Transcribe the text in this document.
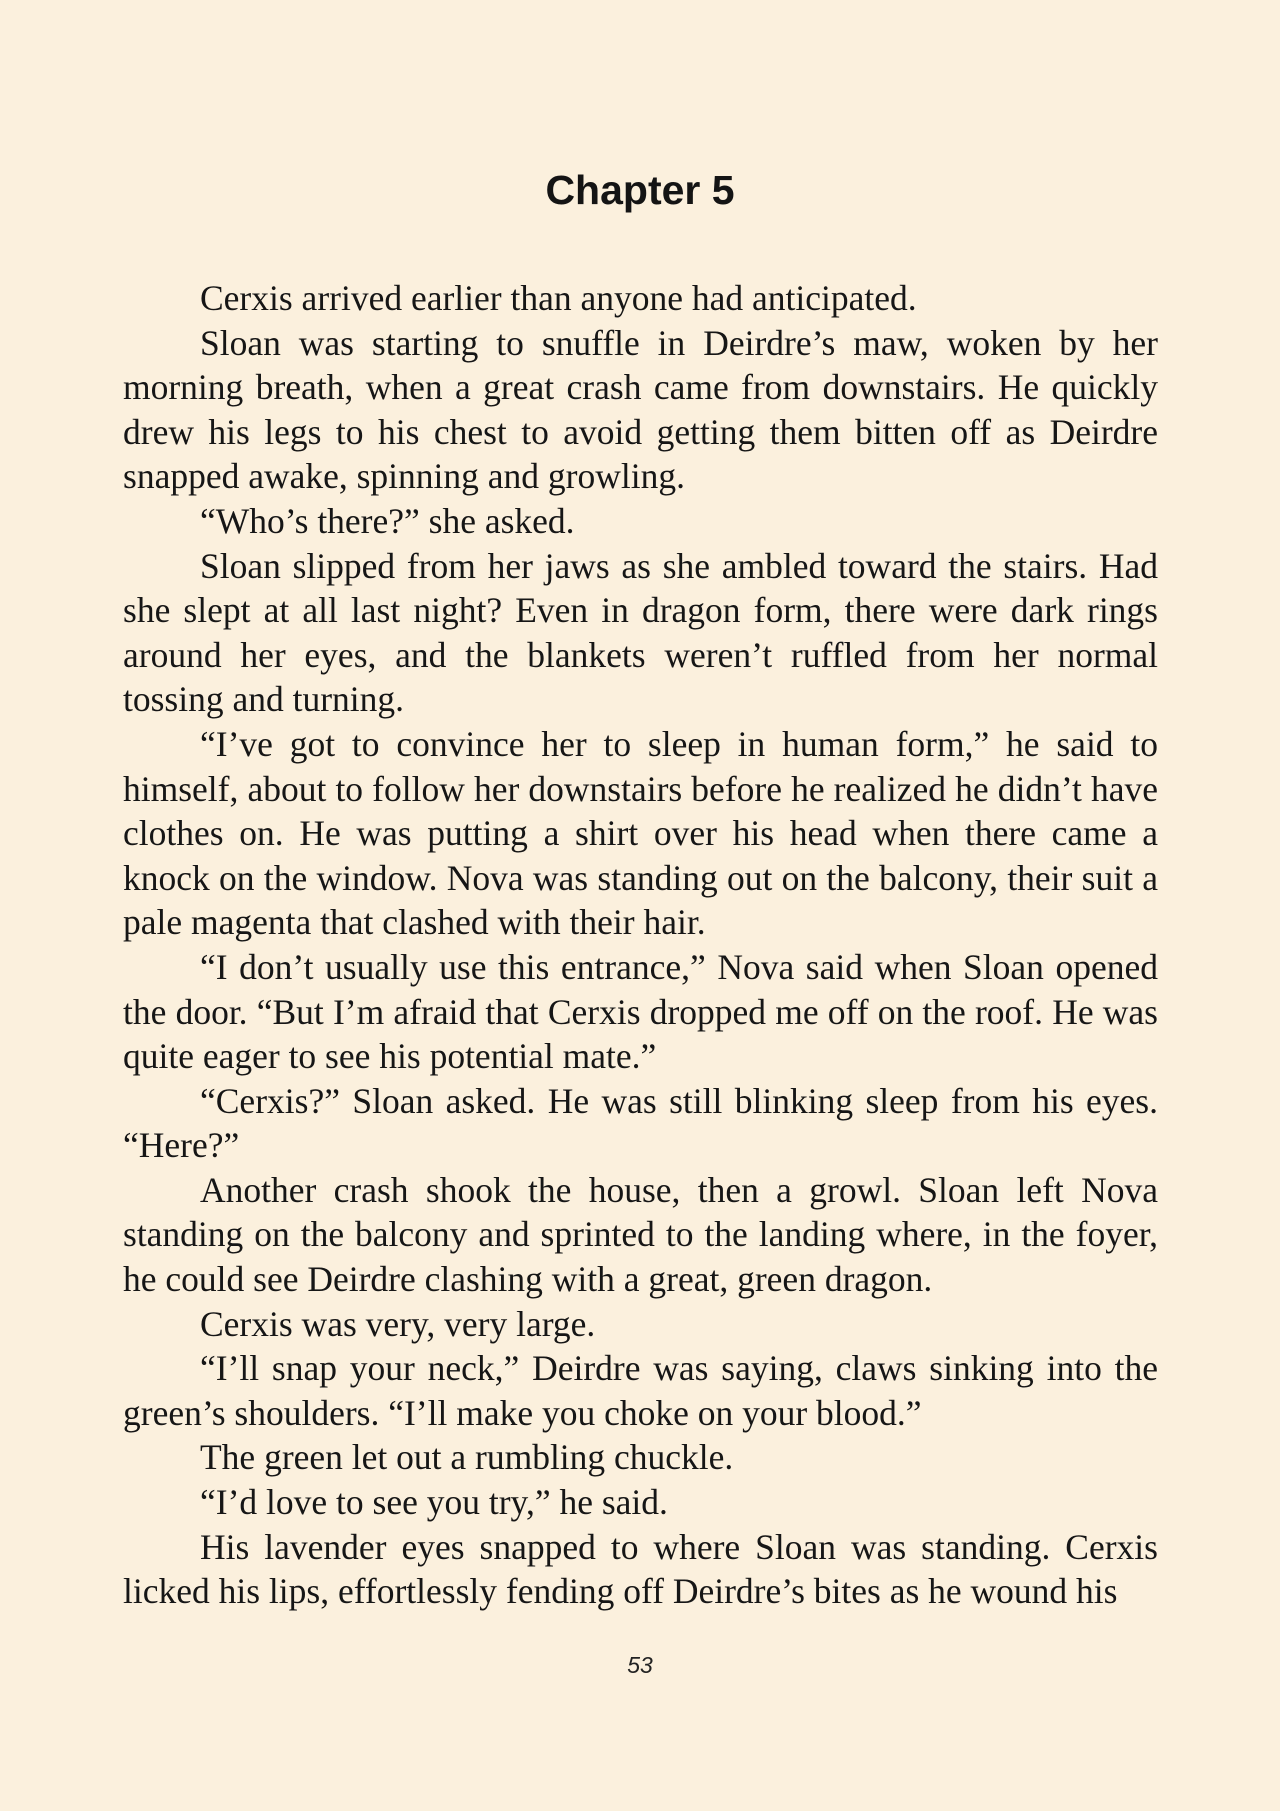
Chapter 5

Cerxis arrived earlier than anyone had anticipated.

Sloan was starting to snuffle in Deirdre’s maw, woken by her morning breath, when a great crash came from downstairs. He quickly drew his legs to his chest to avoid getting them bitten off as Deirdre snapped awake, spinning and growling.

“Who’s there?” she asked.

Sloan slipped from her jaws as she ambled toward the stairs. Had she slept at all last night? Even in dragon form, there were dark rings around her eyes, and the blankets weren’t ruffled from her normal tossing and turning.

“I’ve got to convince her to sleep in human form,” he said to himself, about to follow her downstairs before he realized he didn’t have clothes on. He was putting a shirt over his head when there came a knock on the window. Nova was standing out on the balcony, their suit a pale magenta that clashed with their hair.

“I don’t usually use this entrance,” Nova said when Sloan opened the door. “But I’m afraid that Cerxis dropped me off on the roof. He was quite eager to see his potential mate.”

“Cerxis?” Sloan asked. He was still blinking sleep from his eyes. “Here?”

Another crash shook the house, then a growl. Sloan left Nova standing on the balcony and sprinted to the landing where, in the foyer, he could see Deirdre clashing with a great, green dragon.

Cerxis was very, very large.

“I’ll snap your neck,” Deirdre was saying, claws sinking into the green’s shoulders. “I’ll make you choke on your blood.”

The green let out a rumbling chuckle.

“I’d love to see you try,” he said.

His lavender eyes snapped to where Sloan was standing. Cerxis licked his lips, effortlessly fending off Deirdre’s bites as he wound his

53
